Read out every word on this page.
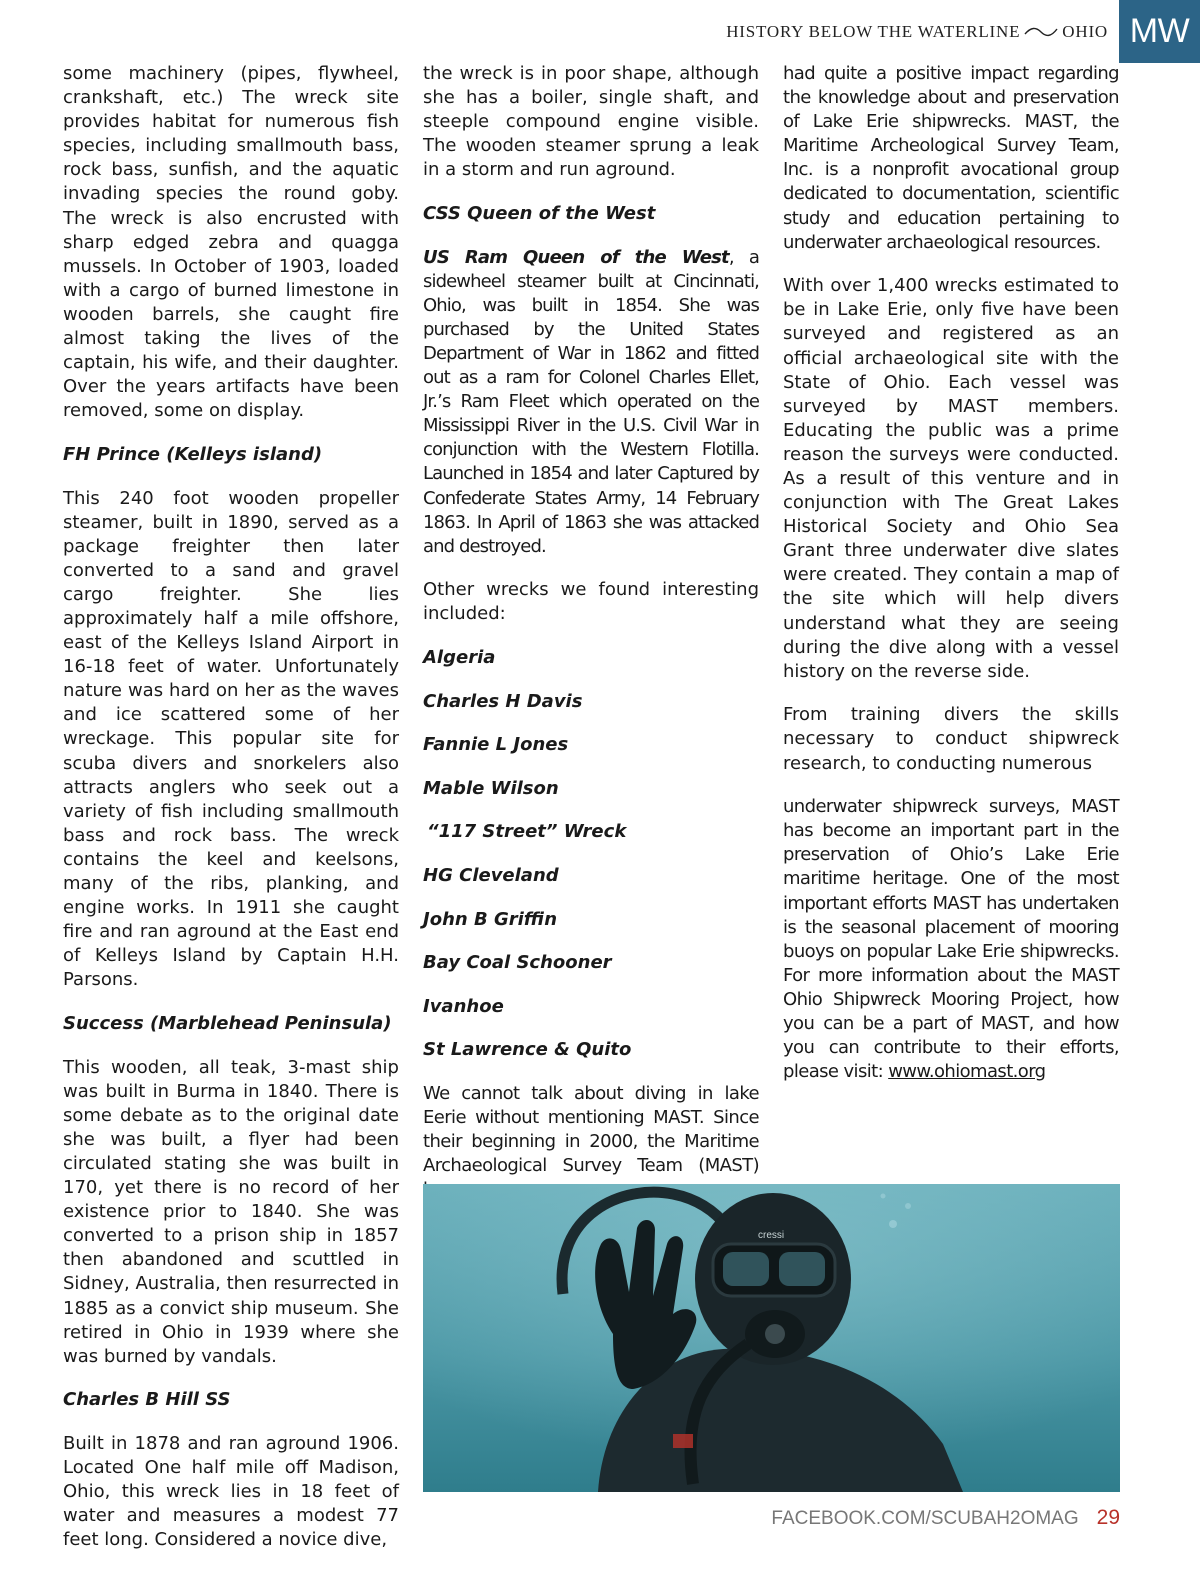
HISTORY BELOW THE WATERLINE OHIO MW

some machinery (pipes, flywheel, crankshaft, etc.) The wreck site provides habitat for numerous fish species, including smallmouth bass, rock bass, sunfish, and the aquatic invading species the round goby. The wreck is also encrusted with sharp edged zebra and quagga mussels. In October of 1903, loaded with a cargo of burned limestone in wooden barrels, she caught fire almost taking the lives of the captain, his wife, and their daughter. Over the years artifacts have been removed, some on display.

FH Prince (Kelleys island)

This 240 foot wooden propeller steamer, built in 1890, served as a package freighter then later converted to a sand and gravel cargo freighter. She lies approximately half a mile offshore, east of the Kelleys Island Airport in 16-18 feet of water. Unfortunately nature was hard on her as the waves and ice scattered some of her wreckage. This popular site for scuba divers and snorkelers also attracts anglers who seek out a variety of fish including smallmouth bass and rock bass. The wreck contains the keel and keelsons, many of the ribs, planking, and engine works. In 1911 she caught fire and ran aground at the East end of Kelleys Island by Captain H.H. Parsons.

Success (Marblehead Peninsula)

This wooden, all teak, 3-mast ship was built in Burma in 1840. There is some debate as to the original date she was built, a flyer had been circulated stating she was built in 170, yet there is no record of her existence prior to 1840. She was converted to a prison ship in 1857 then abandoned and scuttled in Sidney, Australia, then resurrected in 1885 as a convict ship museum. She retired in Ohio in 1939 where she was burned by vandals.

Charles B Hill SS

Built in 1878 and ran aground 1906. Located One half mile off Madison, Ohio, this wreck lies in 18 feet of water and measures a modest 77 feet long. Considered a novice dive,

the wreck is in poor shape, although she has a boiler, single shaft, and steeple compound engine visible. The wooden steamer sprung a leak in a storm and run aground.

CSS Queen of the West

US Ram Queen of the West, a sidewheel steamer built at Cincinnati, Ohio, was built in 1854. She was purchased by the United States Department of War in 1862 and fitted out as a ram for Colonel Charles Ellet, Jr.’s Ram Fleet which operated on the Mississippi River in the U.S. Civil War in conjunction with the Western Flotilla. Launched in 1854 and later Captured by Confederate States Army, 14 February 1863. In April of 1863 she was attacked and destroyed.

Other wrecks we found interesting included:

Algeria

Charles H Davis

Fannie L Jones

Mable Wilson

“117 Street” Wreck

HG Cleveland

John B Griffin

Bay Coal Schooner

Ivanhoe

St Lawrence & Quito

We cannot talk about diving in lake Eerie without mentioning MAST. Since their beginning in 2000, the Maritime Archaeological Survey Team (MAST)

had quite a positive impact regarding the knowledge about and preservation of Lake Erie shipwrecks. MAST, the Maritime Archeological Survey Team, Inc. is a nonprofit avocational group dedicated to documentation, scientific study and education pertaining to underwater archaeological resources.

With over 1,400 wrecks estimated to be in Lake Erie, only five have been surveyed and registered as an official archaeological site with the State of Ohio. Each vessel was surveyed by MAST members. Educating the public was a prime reason the surveys were conducted. As a result of this venture and in conjunction with The Great Lakes Historical Society and Ohio Sea Grant three underwater dive slates were created. They contain a map of the site which will help divers understand what they are seeing during the dive along with a vessel history on the reverse side.

From training divers the skills necessary to conduct shipwreck research, to conducting numerous

underwater shipwreck surveys, MAST has become an important part in the preservation of Ohio’s Lake Erie maritime heritage. One of the most important efforts MAST has undertaken is the seasonal placement of mooring buoys on popular Lake Erie shipwrecks. For more information about the MAST Ohio Shipwreck Mooring Project, how you can be a part of MAST, and how you can contribute to their efforts, please visit: www.ohiomast.org

cressi
FACEBOOK.COM/SCUBAH2OMAG 29
